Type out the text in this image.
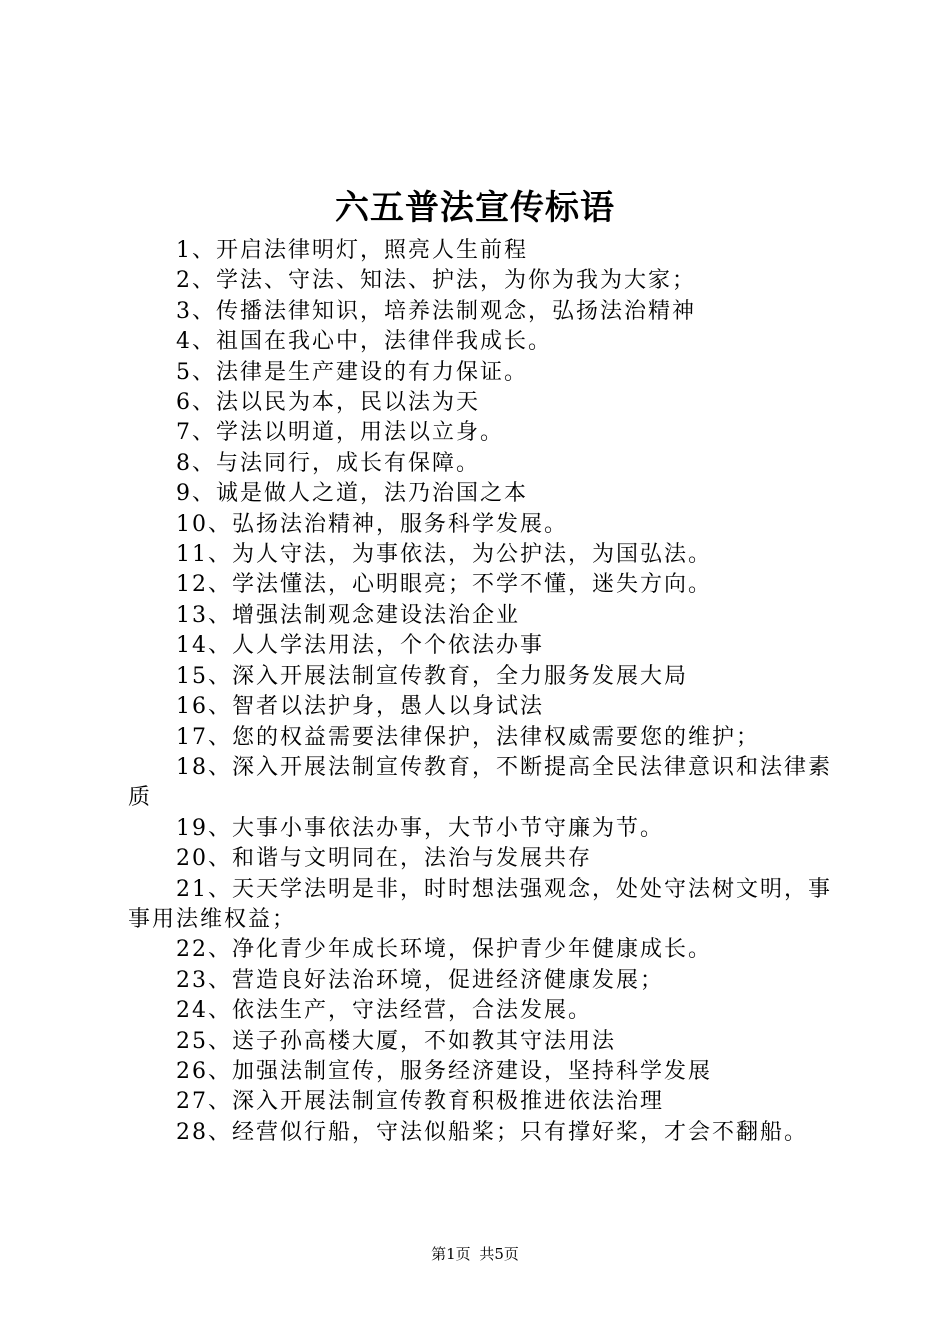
六五普法宣传标语

1、开启法律明灯，照亮人生前程

2、学法、守法、知法、护法，为你为我为大家；

3、传播法律知识，培养法制观念，弘扬法治精神

4、祖国在我心中，法律伴我成长。

5、法律是生产建设的有力保证。

6、法以民为本，民以法为天

7、学法以明道，用法以立身。

8、与法同行，成长有保障。

9、诚是做人之道，法乃治国之本

10、弘扬法治精神，服务科学发展。

11、为人守法，为事依法，为公护法，为国弘法。

12、学法懂法，心明眼亮；不学不懂，迷失方向。

13、增强法制观念建设法治企业

14、人人学法用法，个个依法办事

15、深入开展法制宣传教育，全力服务发展大局

16、智者以法护身，愚人以身试法

17、您的权益需要法律保护，法律权威需要您的维护；

18、深入开展法制宣传教育，不断提高全民法律意识和法律素质

19、大事小事依法办事，大节小节守廉为节。

20、和谐与文明同在，法治与发展共存

21、天天学法明是非，时时想法强观念，处处守法树文明，事事用法维权益；

22、净化青少年成长环境，保护青少年健康成长。

23、营造良好法治环境，促进经济健康发展；

24、依法生产，守法经营，合法发展。

25、送子孙高楼大厦，不如教其守法用法

26、加强法制宣传，服务经济建设，坚持科学发展

27、深入开展法制宣传教育积极推进依法治理

28、经营似行船，守法似船桨；只有撑好桨，才会不翻船。

第1页 共5页
